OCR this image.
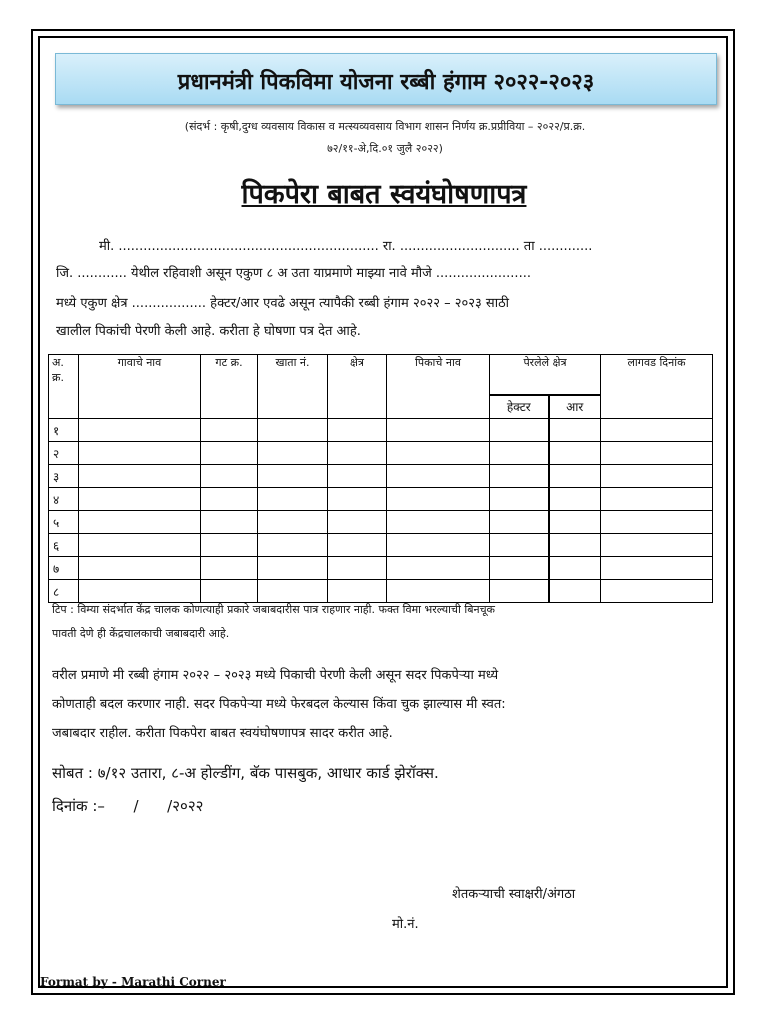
प्रधानमंत्री पिकविमा योजना रब्बी हंगाम २०२२-२०२३
(संदर्भ : कृषी,दुग्ध व्यवसाय विकास व मत्स्यव्यवसाय विभाग शासन निर्णय क्र.प्रप्रीविया – २०२२/प्र.क्र.
७२/११-अे,दि.०१ जुलै २०२२)
पिकपेरा बाबत स्वयंघोषणापत्र
मी. ............................................................... रा. ............................. ता .............
जि. ............ येथील रहिवाशी असून एकुण ८ अ उता याप्रमाणे माझ्या नावे मौजे .......................
मध्ये एकुण क्षेत्र .................. हेक्टर/आर एवढे असून त्यापैकी रब्बी हंगाम २०२२ – २०२३ साठी
खालील पिकांची पेरणी केली आहे. करीता हे घोषणा पत्र देत आहे.
अ. क्र.	गावाचे नाव	गट क्र.	खाता नं.	क्षेत्र	पिकाचे नाव	पेरलेले क्षेत्र		लागवड दिनांक
						हेक्टर	आर	
१								
२								
३								
४								
५								
६								
७								
८								
टिप : विम्या संदर्भात केंद्र चालक कोणत्याही प्रकारे जबाबदारीस पात्र राहणार नाही. फक्त विमा भरल्याची बिनचूक
पावती देणे ही केंद्रचालकाची जबाबदारी आहे.
वरील प्रमाणे मी रब्बी हंगाम २०२२ – २०२३ मध्ये पिकाची पेरणी केली असून सदर पिकपेऱ्या मध्ये
कोणताही बदल करणार नाही. सदर पिकपेऱ्या मध्ये फेरबदल केल्यास किंवा चुक झाल्यास मी स्वत:
जबाबदार राहील. करीता पिकपेरा बाबत स्वयंघोषणापत्र सादर करीत आहे.
सोबत : ७/१२ उतारा, ८-अ होल्डींग, बॅक पासबुक, आधार कार्ड झेरॉक्स.
दिनांक :–      /      /२०२२
शेतकऱ्याची स्वाक्षरी/अंगठा
मो.नं.
Format by - Marathi Corner
